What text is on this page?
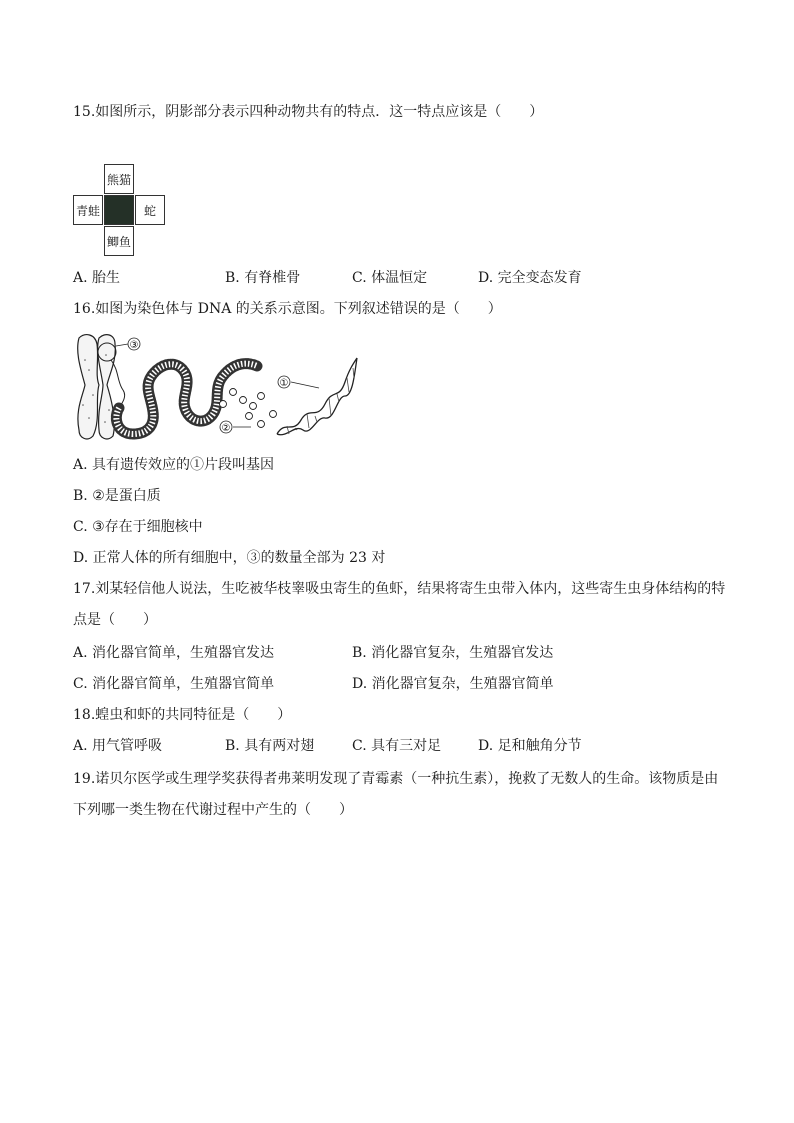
15.如图所示，阴影部分表示四种动物共有的特点．这一特点应该是（　　）
熊猫
青蛙	蛇
鲫鱼
A. 胎生	B. 有脊椎骨	C. 体温恒定	D. 完全变态发育
16.如图为染色体与 DNA 的关系示意图。下列叙述错误的是（　　）
③
②
①
A. 具有遗传效应的①片段叫基因
B. ②是蛋白质
C. ③存在于细胞核中
D. 正常人体的所有细胞中，③的数量全部为 23 对
17.刘某轻信他人说法，生吃被华枝睾吸虫寄生的鱼虾，结果将寄生虫带入体内，这些寄生虫身体结构的特
点是（　　）
A. 消化器官简单，生殖器官发达	B. 消化器官复杂，生殖器官发达
C. 消化器官简单，生殖器官简单	D. 消化器官复杂，生殖器官简单
18.蝗虫和虾的共同特征是（　　）
A. 用气管呼吸	B. 具有两对翅	C. 具有三对足	D. 足和触角分节
19.诺贝尔医学或生理学奖获得者弗莱明发现了青霉素（一种抗生素），挽救了无数人的生命。该物质是由
下列哪一类生物在代谢过程中产生的（　　）
